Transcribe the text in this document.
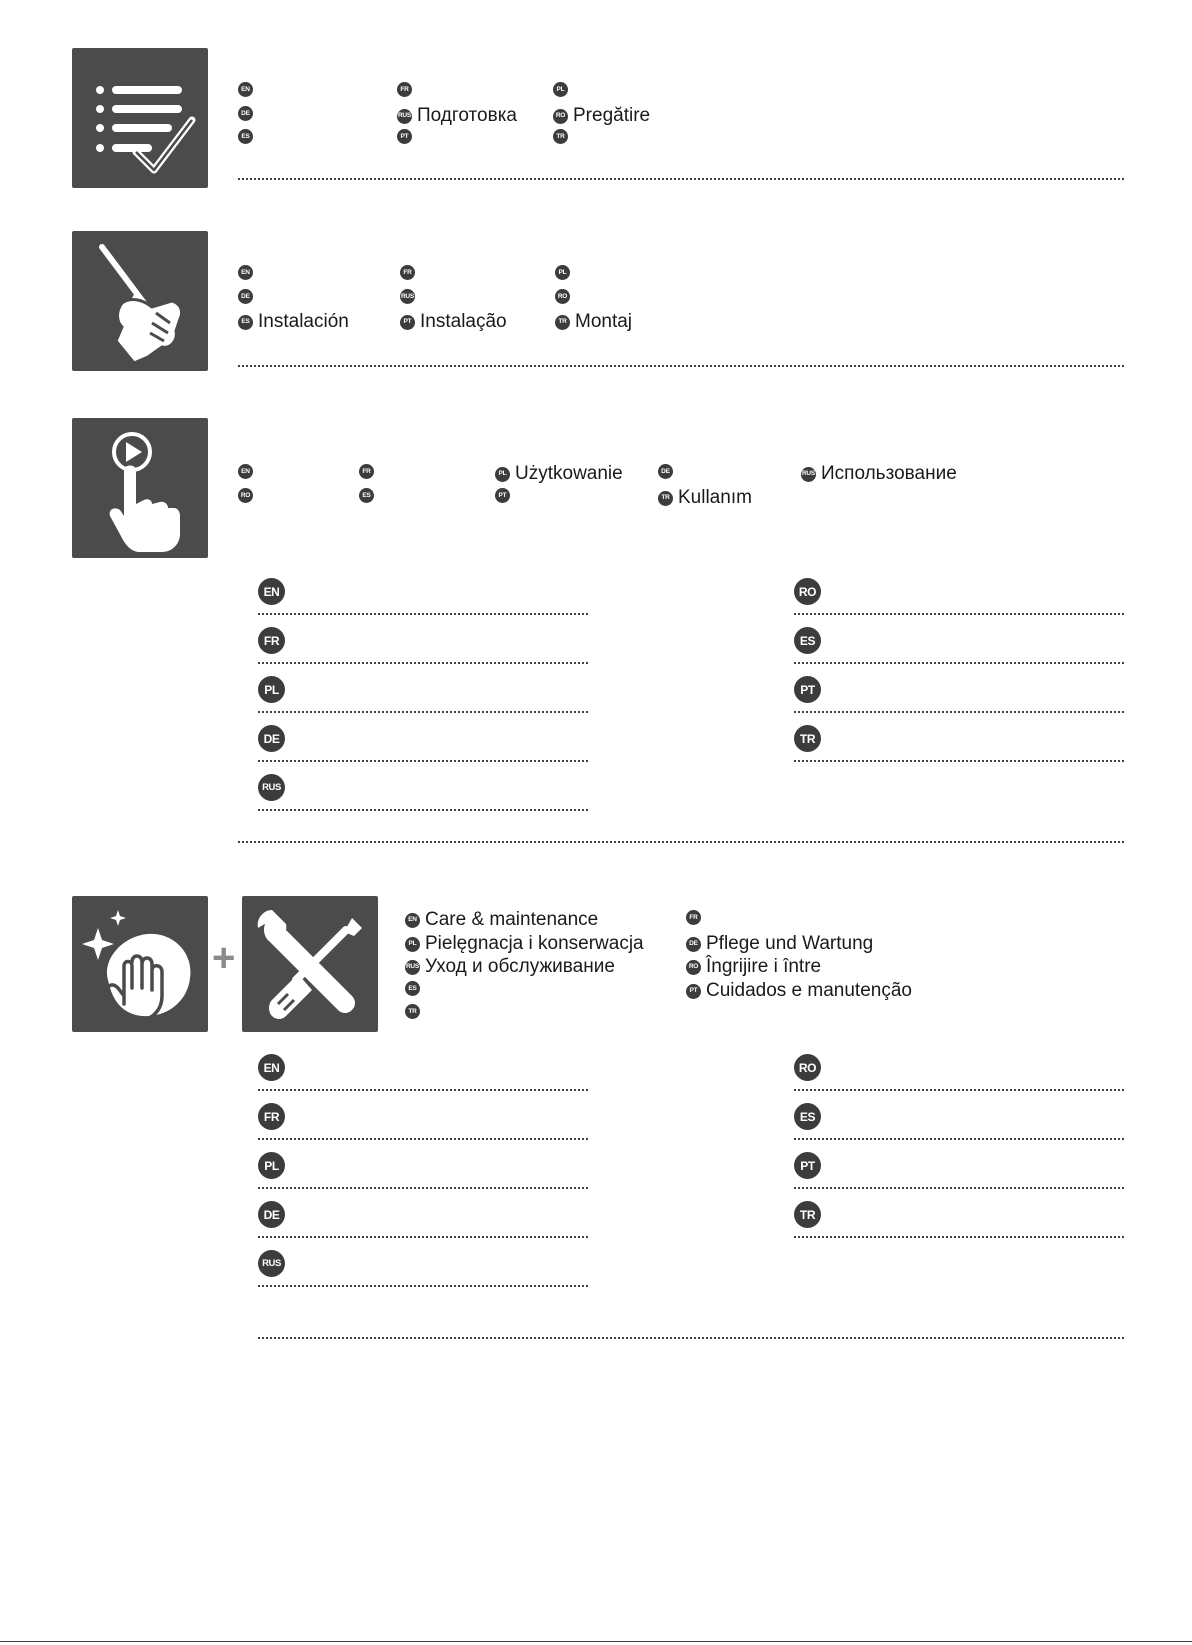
EN
DE
ES
FR
RUS Подготовка
PT
PL
RO Pregătire
TR
EN
DE
ES Instalación
FR
RUS
PT Instalação
PL
RO
TR Montaj
EN
RO
FR
ES
PL Użytkowanie
PT
DE
TR Kullanım
RUS Использование
EN
FR
PL
DE
RUS
RO
ES
PT
TR
+
EN Care & maintenance
PL Pielęgnacja i konserwacja
RUS Уход и обслуживание
ES
TR
FR
DE Pflege und Wartung
RO Îngrijire i între
PT Cuidados e manutenção
EN
FR
PL
DE
RUS
RO
ES
PT
TR
